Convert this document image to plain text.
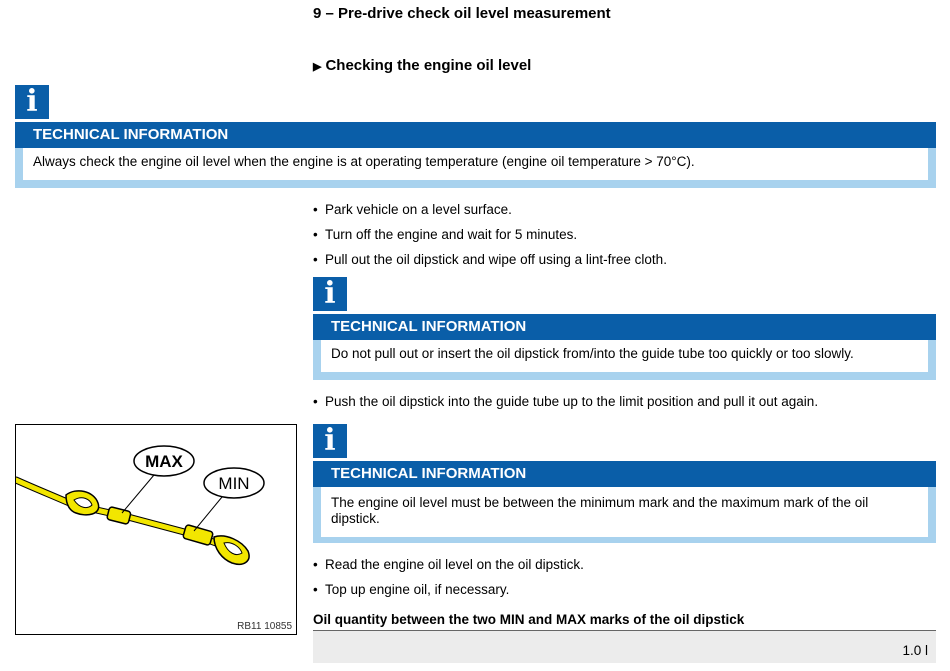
9 – Pre-drive check oil level measurement
▶ Checking the engine oil level
i
TECHNICAL INFORMATION
Always check the engine oil level when the engine is at operating temperature (engine oil temperature > 70°C).
• Park vehicle on a level surface.
• Turn off the engine and wait for 5 minutes.
• Pull out the oil dipstick and wipe off using a lint-free cloth.
i
TECHNICAL INFORMATION
Do not pull out or insert the oil dipstick from/into the guide tube too quickly or too slowly.
• Push the oil dipstick into the guide tube up to the limit position and pull it out again.
MAX
MIN
RB11 10855
i
TECHNICAL INFORMATION
The engine oil level must be between the minimum mark and the maximum mark of the oil dipstick.
• Read the engine oil level on the oil dipstick.
• Top up engine oil, if necessary.
Oil quantity between the two MIN and MAX marks of the oil dipstick
1.0 l
